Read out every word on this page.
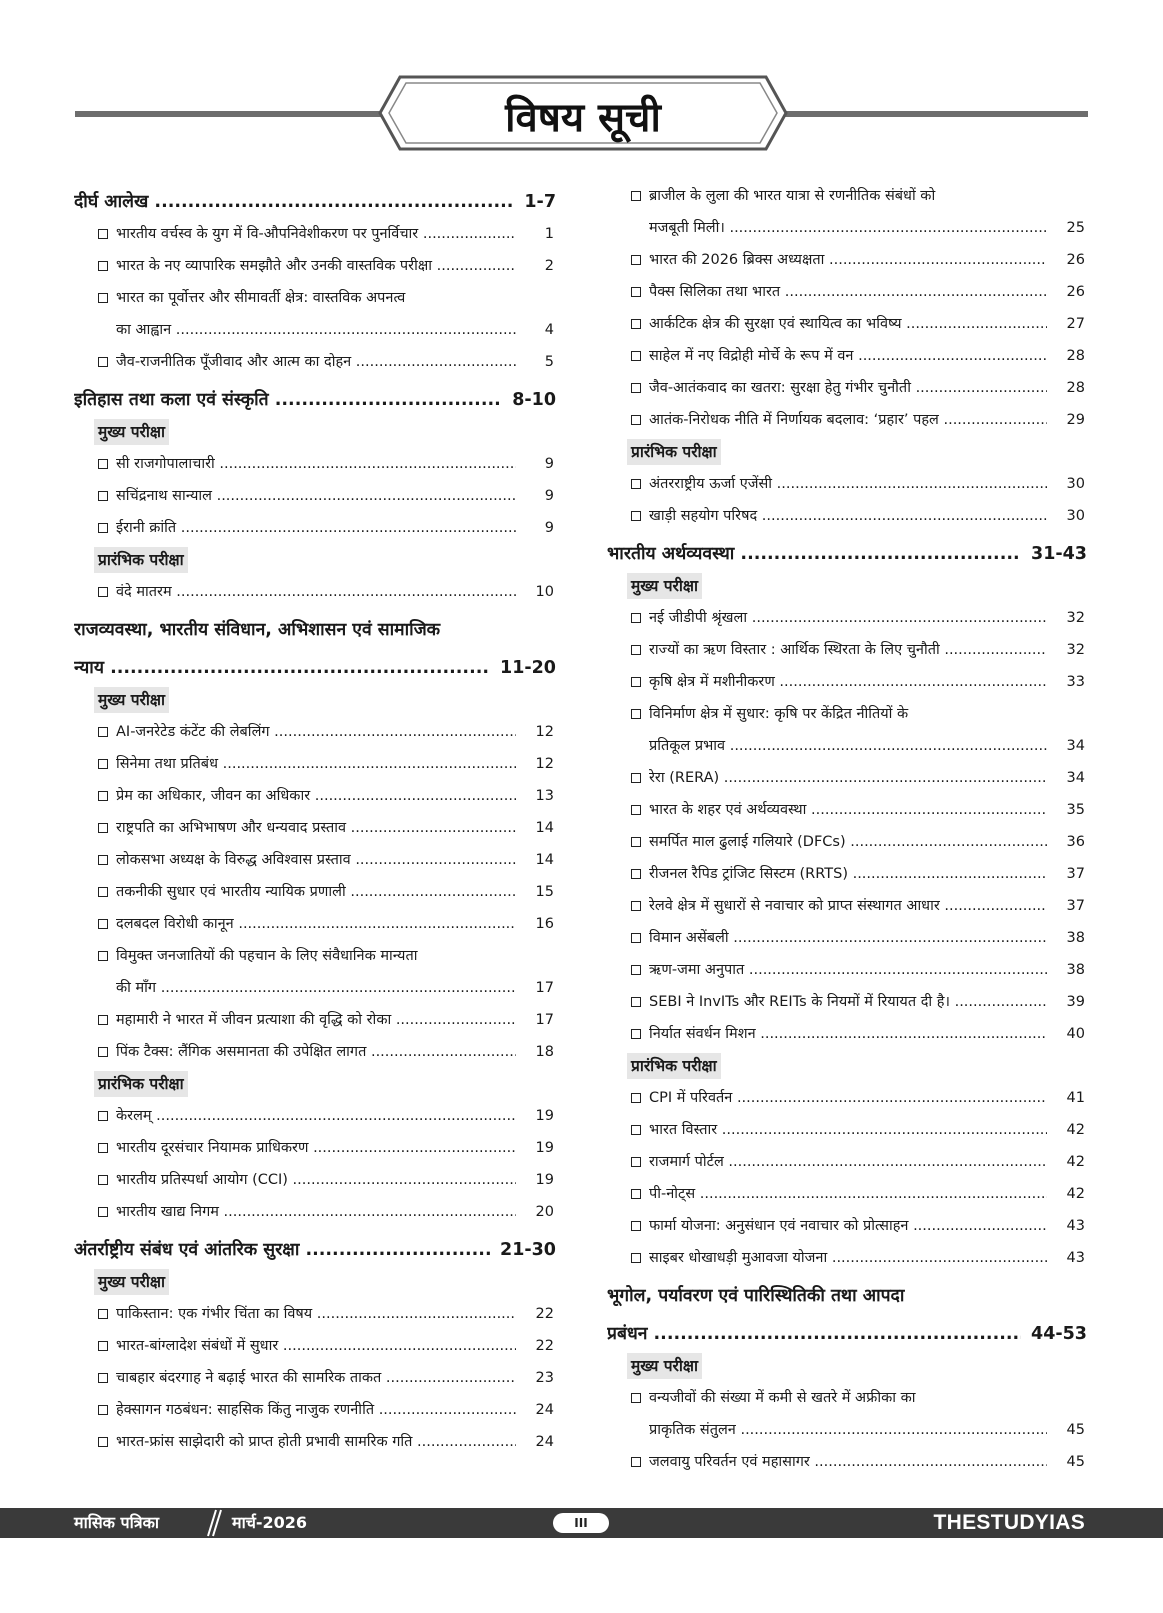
विषय सूची
दीर्घ आलेख .....	1-7
भारतीय वर्चस्व के युग में वि-औपनिवेशीकरण पर पुनर्विचार .....	1
भारत के नए व्यापारिक समझौते और उनकी वास्तविक परीक्षा .....	2
भारत का पूर्वोत्तर और सीमावर्ती क्षेत्र: वास्तविक अपनत्व
का आह्वान .....	4
जैव-राजनीतिक पूँजीवाद और आत्म का दोहन .....	5
इतिहास तथा कला एवं संस्कृति .....	8-10
मुख्य परीक्षा
सी राजगोपालाचारी .....	9
सचिंद्रनाथ सान्याल .....	9
ईरानी क्रांति .....	9
प्रारंभिक परीक्षा
वंदे मातरम .....	10
राजव्यवस्था, भारतीय संविधान, अभिशासन एवं सामाजिक
न्याय .....	11-20
मुख्य परीक्षा
AI-जनरेटेड कंटेंट की लेबलिंग .....	12
सिनेमा तथा प्रतिबंध .....	12
प्रेम का अधिकार, जीवन का अधिकार .....	13
राष्ट्रपति का अभिभाषण और धन्यवाद प्रस्ताव .....	14
लोकसभा अध्यक्ष के विरुद्ध अविश्वास प्रस्ताव .....	14
तकनीकी सुधार एवं भारतीय न्यायिक प्रणाली .....	15
दलबदल विरोधी कानून .....	16
विमुक्त जनजातियों की पहचान के लिए संवैधानिक मान्यता
की माँग .....	17
महामारी ने भारत में जीवन प्रत्याशा की वृद्धि को रोका .....	17
पिंक टैक्स: लैंगिक असमानता की उपेक्षित लागत .....	18
प्रारंभिक परीक्षा
केरलम् .....	19
भारतीय दूरसंचार नियामक प्राधिकरण .....	19
भारतीय प्रतिस्पर्धा आयोग (CCI) .....	19
भारतीय खाद्य निगम .....	20
अंतर्राष्ट्रीय संबंध एवं आंतरिक सुरक्षा .....	21-30
मुख्य परीक्षा
पाकिस्तान: एक गंभीर चिंता का विषय .....	22
भारत-बांग्लादेश संबंधों में सुधार .....	22
चाबहार बंदरगाह ने बढ़ाई भारत की सामरिक ताकत .....	23
हेक्सागन गठबंधन: साहसिक किंतु नाजुक रणनीति .....	24
भारत-फ्रांस साझेदारी को प्राप्त होती प्रभावी सामरिक गति .....	24
ब्राजील के लुला की भारत यात्रा से रणनीतिक संबंधों को
मजबूती मिली। .....	25
भारत की 2026 ब्रिक्स अध्यक्षता .....	26
पैक्स सिलिका तथा भारत .....	26
आर्कटिक क्षेत्र की सुरक्षा एवं स्थायित्व का भविष्य .....	27
साहेल में नए विद्रोही मोर्चे के रूप में वन .....	28
जैव-आतंकवाद का खतरा: सुरक्षा हेतु गंभीर चुनौती .....	28
आतंक-निरोधक नीति में निर्णायक बदलाव: ‘प्रहार’ पहल .....	29
प्रारंभिक परीक्षा
अंतरराष्ट्रीय ऊर्जा एजेंसी .....	30
खाड़ी सहयोग परिषद .....	30
भारतीय अर्थव्यवस्था .....	31-43
मुख्य परीक्षा
नई जीडीपी श्रृंखला .....	32
राज्यों का ऋण विस्तार : आर्थिक स्थिरता के लिए चुनौती .....	32
कृषि क्षेत्र में मशीनीकरण .....	33
विनिर्माण क्षेत्र में सुधार: कृषि पर केंद्रित नीतियों के
प्रतिकूल प्रभाव .....	34
रेरा (RERA) .....	34
भारत के शहर एवं अर्थव्यवस्था .....	35
समर्पित माल ढुलाई गलियारे (DFCs) .....	36
रीजनल रैपिड ट्रांजिट सिस्टम (RRTS) .....	37
रेलवे क्षेत्र में सुधारों से नवाचार को प्राप्त संस्थागत आधार .....	37
विमान असेंबली .....	38
ऋण-जमा अनुपात .....	38
SEBI ने InvITs और REITs के नियमों में रियायत दी है। .....	39
निर्यात संवर्धन मिशन .....	40
प्रारंभिक परीक्षा
CPI में परिवर्तन .....	41
भारत विस्तार .....	42
राजमार्ग पोर्टल .....	42
पी-नोट्स .....	42
फार्मा योजना: अनुसंधान एवं नवाचार को प्रोत्साहन .....	43
साइबर धोखाधड़ी मुआवजा योजना .....	43
भूगोल, पर्यावरण एवं पारिस्थितिकी तथा आपदा
प्रबंधन .....	44-53
मुख्य परीक्षा
वन्यजीवों की संख्या में कमी से खतरे में अफ्रीका का
प्राकृतिक संतुलन .....	45
जलवायु परिवर्तन एवं महासागर .....	45
मासिक पत्रिका	मार्च-2026	III	THESTUDYIAS
